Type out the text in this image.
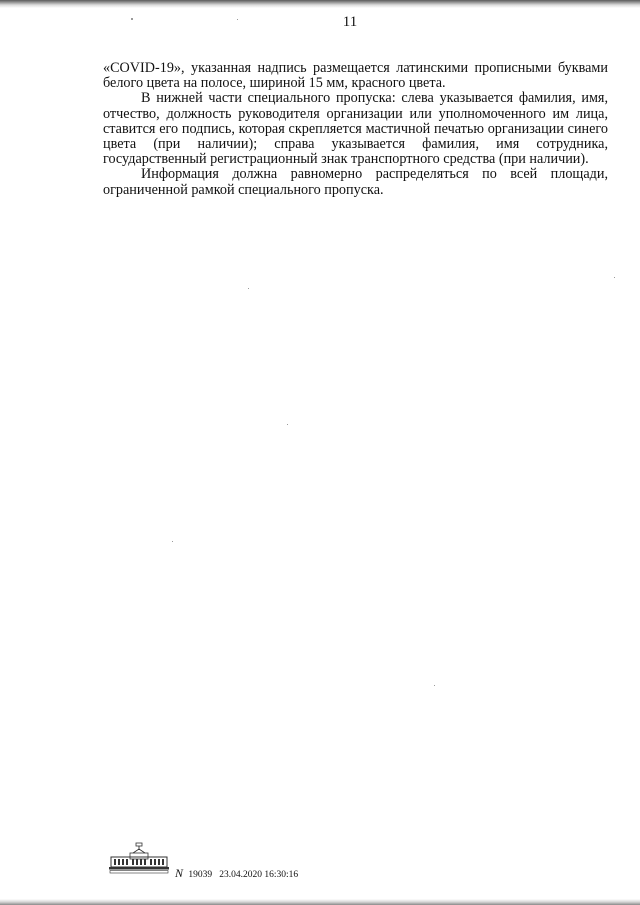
11

«COVID-19», указанная надпись размещается латинскими прописными буквами белого цвета на полосе, шириной 15 мм, красного цвета.

В нижней части специального пропуска: слева указывается фамилия, имя, отчество, должность руководителя организации или уполномоченного им лица, ставится его подпись, которая скрепляется мастичной печатью организации синего цвета (при наличии); справа указывается фамилия, имя сотрудника, государственный регистрационный знак транспортного средства (при наличии).

Информация должна равномерно распределяться по всей площади, ограниченной рамкой специального пропуска.

N 19039 23.04.2020 16:30:16
